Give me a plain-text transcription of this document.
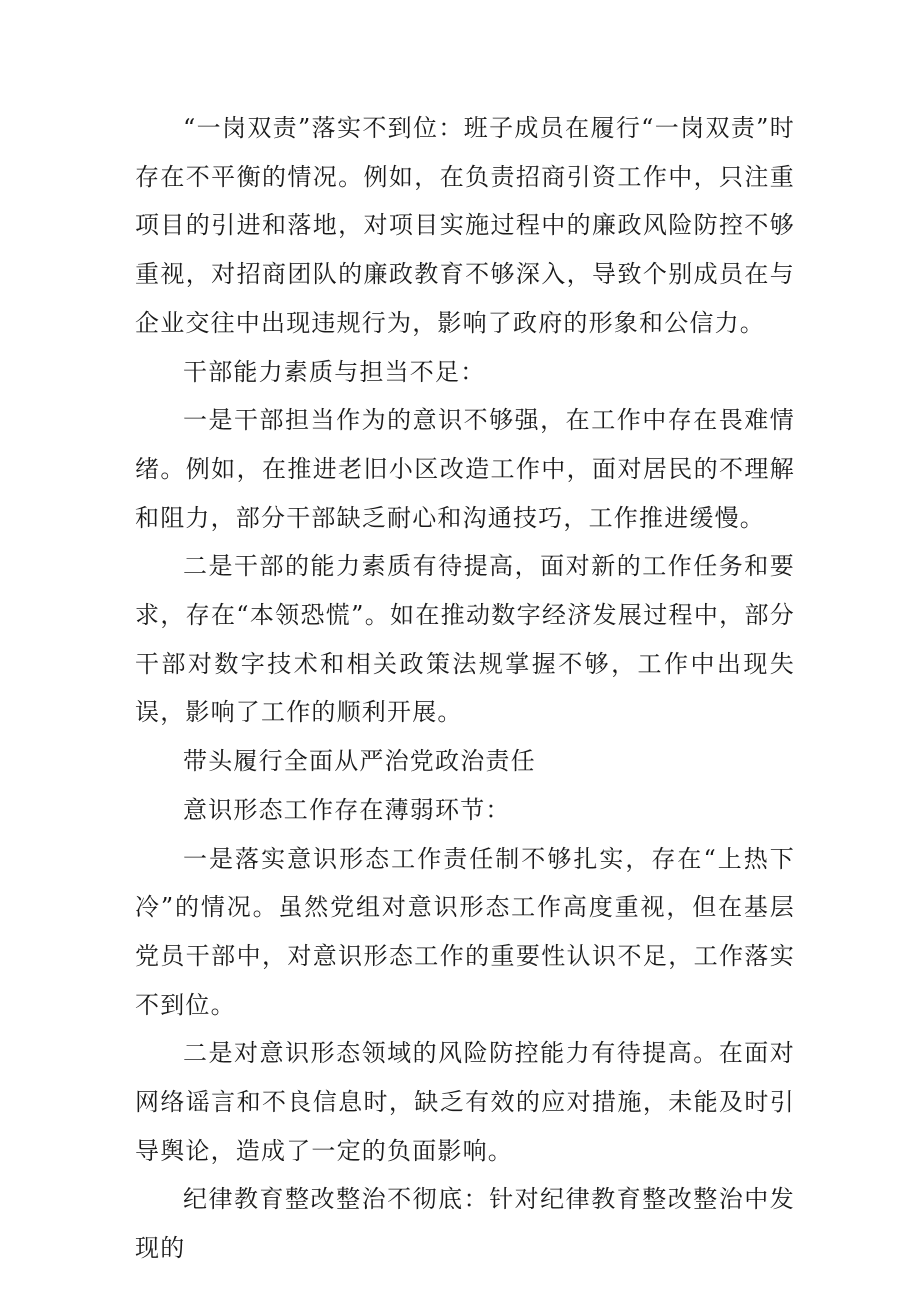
“一岗双责”落实不到位：班子成员在履行“一岗双责”时存在不平衡的情况。例如，在负责招商引资工作中，只注重项目的引进和落地，对项目实施过程中的廉政风险防控不够重视，对招商团队的廉政教育不够深入，导致个别成员在与企业交往中出现违规行为，影响了政府的形象和公信力。

干部能力素质与担当不足：

一是干部担当作为的意识不够强，在工作中存在畏难情绪。例如，在推进老旧小区改造工作中，面对居民的不理解和阻力，部分干部缺乏耐心和沟通技巧，工作推进缓慢。

二是干部的能力素质有待提高，面对新的工作任务和要求，存在“本领恐慌”。如在推动数字经济发展过程中，部分干部对数字技术和相关政策法规掌握不够，工作中出现失误，影响了工作的顺利开展。

带头履行全面从严治党政治责任

意识形态工作存在薄弱环节：

一是落实意识形态工作责任制不够扎实，存在“上热下冷”的情况。虽然党组对意识形态工作高度重视，但在基层党员干部中，对意识形态工作的重要性认识不足，工作落实不到位。

二是对意识形态领域的风险防控能力有待提高。在面对网络谣言和不良信息时，缺乏有效的应对措施，未能及时引导舆论，造成了一定的负面影响。

纪律教育整改整治不彻底：针对纪律教育整改整治中发现的
